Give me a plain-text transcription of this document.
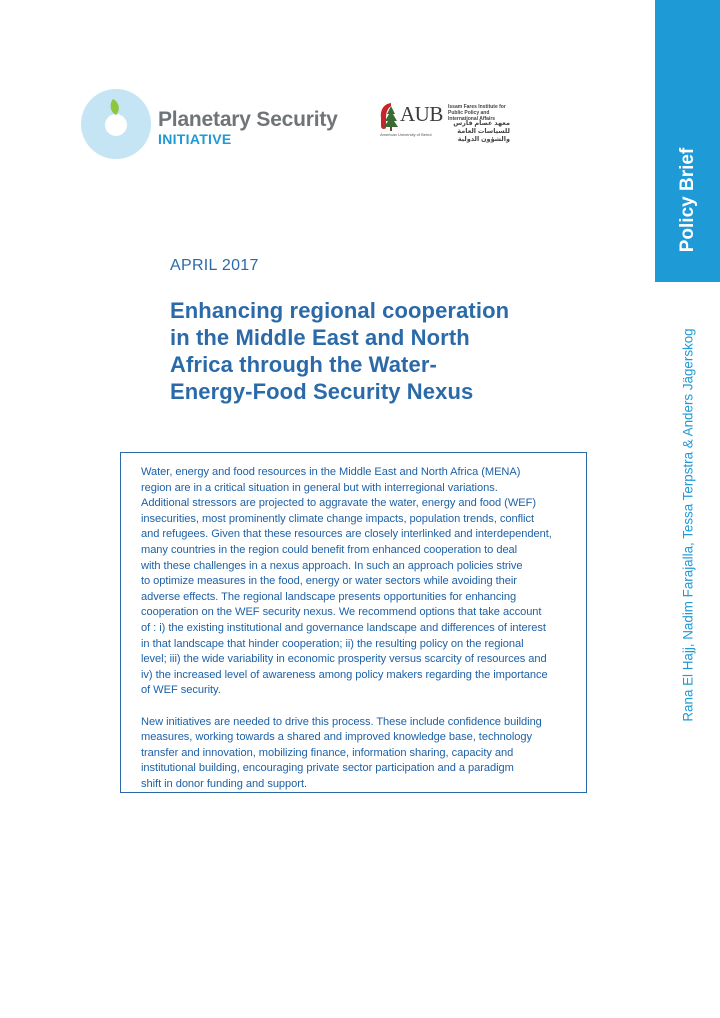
Planetary Security
INITIATIVE
AUB
American University of Beirut
Issam Fares Institute for Public Policy and International Affairs
معهد عصام فارس للسياسات العامة والشؤون الدولية
Policy Brief
Rana El Hajj, Nadim Farajalla, Tessa Terpstra & Anders Jägerskog
APRIL 2017
Enhancing regional cooperation
in the Middle East and North
Africa through the Water-
Energy-Food Security Nexus

Water, energy and food resources in the Middle East and North Africa (MENA)
region are in a critical situation in general but with interregional variations.
Additional stressors are projected to aggravate the water, energy and food (WEF)
insecurities, most prominently climate change impacts, population trends, conflict
and refugees. Given that these resources are closely interlinked and interdependent,
many countries in the region could benefit from enhanced cooperation to deal
with these challenges in a nexus approach. In such an approach policies strive
to optimize measures in the food, energy or water sectors while avoiding their
adverse effects. The regional landscape presents opportunities for enhancing
cooperation on the WEF security nexus. We recommend options that take account
of : i) the existing institutional and governance landscape and differences of interest
in that landscape that hinder cooperation; ii) the resulting policy on the regional
level; iii) the wide variability in economic prosperity versus scarcity of resources and
iv) the increased level of awareness among policy makers regarding the importance
of WEF security.

New initiatives are needed to drive this process. These include confidence building
measures, working towards a shared and improved knowledge base, technology
transfer and innovation, mobilizing finance, information sharing, capacity and
institutional building, encouraging private sector participation and a paradigm
shift in donor funding and support.
